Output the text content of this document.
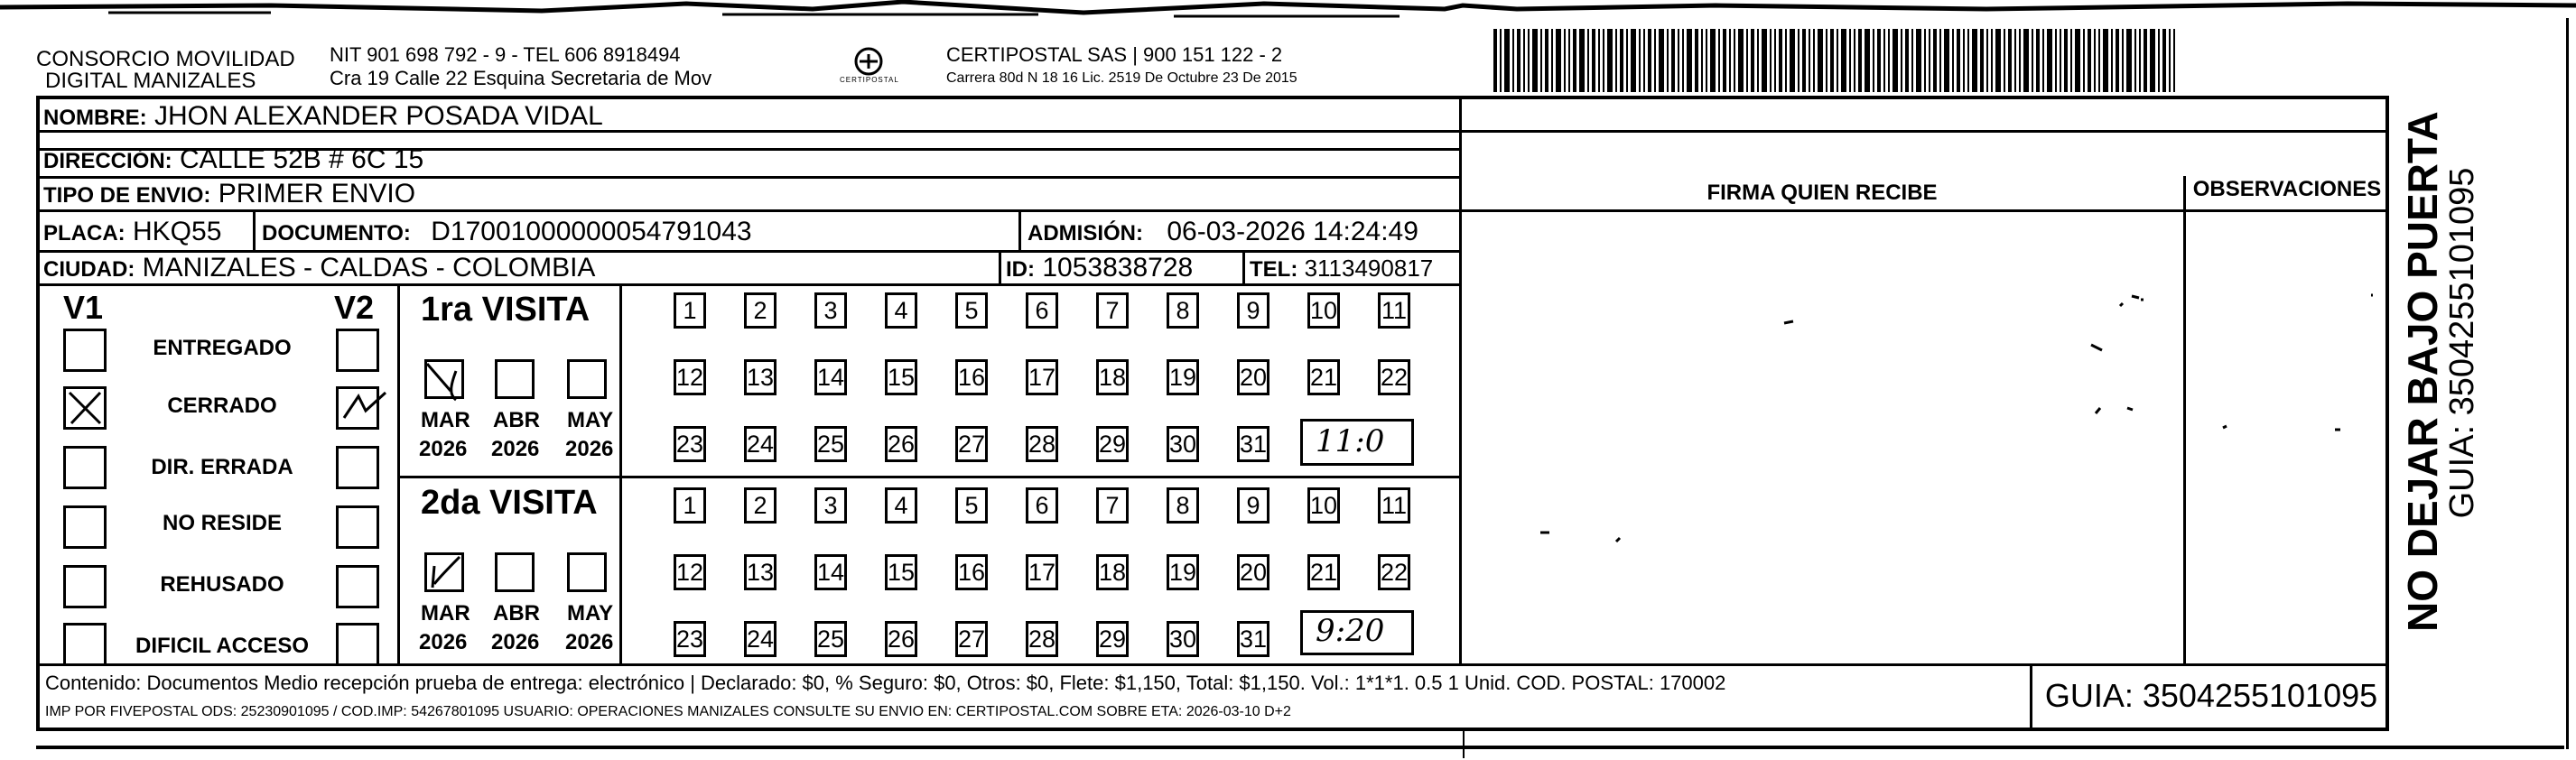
CONSORCIO MOVILIDAD
DIGITAL MANIZALES
NIT 901 698 792 - 9 - TEL 606 8918494
Cra 19 Calle 22 Esquina Secretaria de Mov	CERTIPOSTAL
CERTIPOSTAL SAS | 900 151 122 - 2
Carrera 80d N 18 16 Lic. 2519 De Octubre 23 De 2015
NOMBRE: JHON ALEXANDER POSADA VIDAL
DIRECCIÓN: CALLE 52B # 6C 15
TIPO DE ENVIO: PRIMER ENVIO
PLACA: HKQ55 DOCUMENTO: D17001000000054791043	ADMISIÓN: 06-03-2026 14:24:49
CIUDAD: MANIZALES - CALDAS - COLOMBIA	ID: 1053838728	TEL: 3113490817
FIRMA QUIEN RECIBE	OBSERVACIONES
V1	V2
ENTREGADO
CERRADO
DIR. ERRADA
NO RESIDE
REHUSADO
DIFICIL ACCESO
1ra VISITA
MAR ABR MAY
2026 2026 2026
2da VISITA
MAR ABR MAY
2026 2026 2026
1	2	3	4	5	6	7	8	9	10 11
12 13 14 15 16 17 18 19 20 21 22
23 24 25 26 27 28 29 30 31
1	2	3	4	5	6	7	8	9	10 11
12 13 14 15 16 17 18 19 20 21 22
23 24 25 26 27 28 29 30 31
11:0
9:20
Contenido: Documentos Medio recepción prueba de entrega: electrónico | Declarado: $0, % Seguro: $0, Otros: $0, Flete: $1,150, Total: $1,150. Vol.: 1*1*1. 0.5 1 Unid. COD. POSTAL: 170002
IMP POR FIVEPOSTAL ODS: 25230901095 / COD.IMP: 54267801095 USUARIO: OPERACIONES MANIZALES CONSULTE SU ENVIO EN: CERTIPOSTAL.COM SOBRE ETA: 2026-03-10 D+2	GUIA: 3504255101095
NO DEJAR BAJO PUERTA
GUIA: 3504255101095
